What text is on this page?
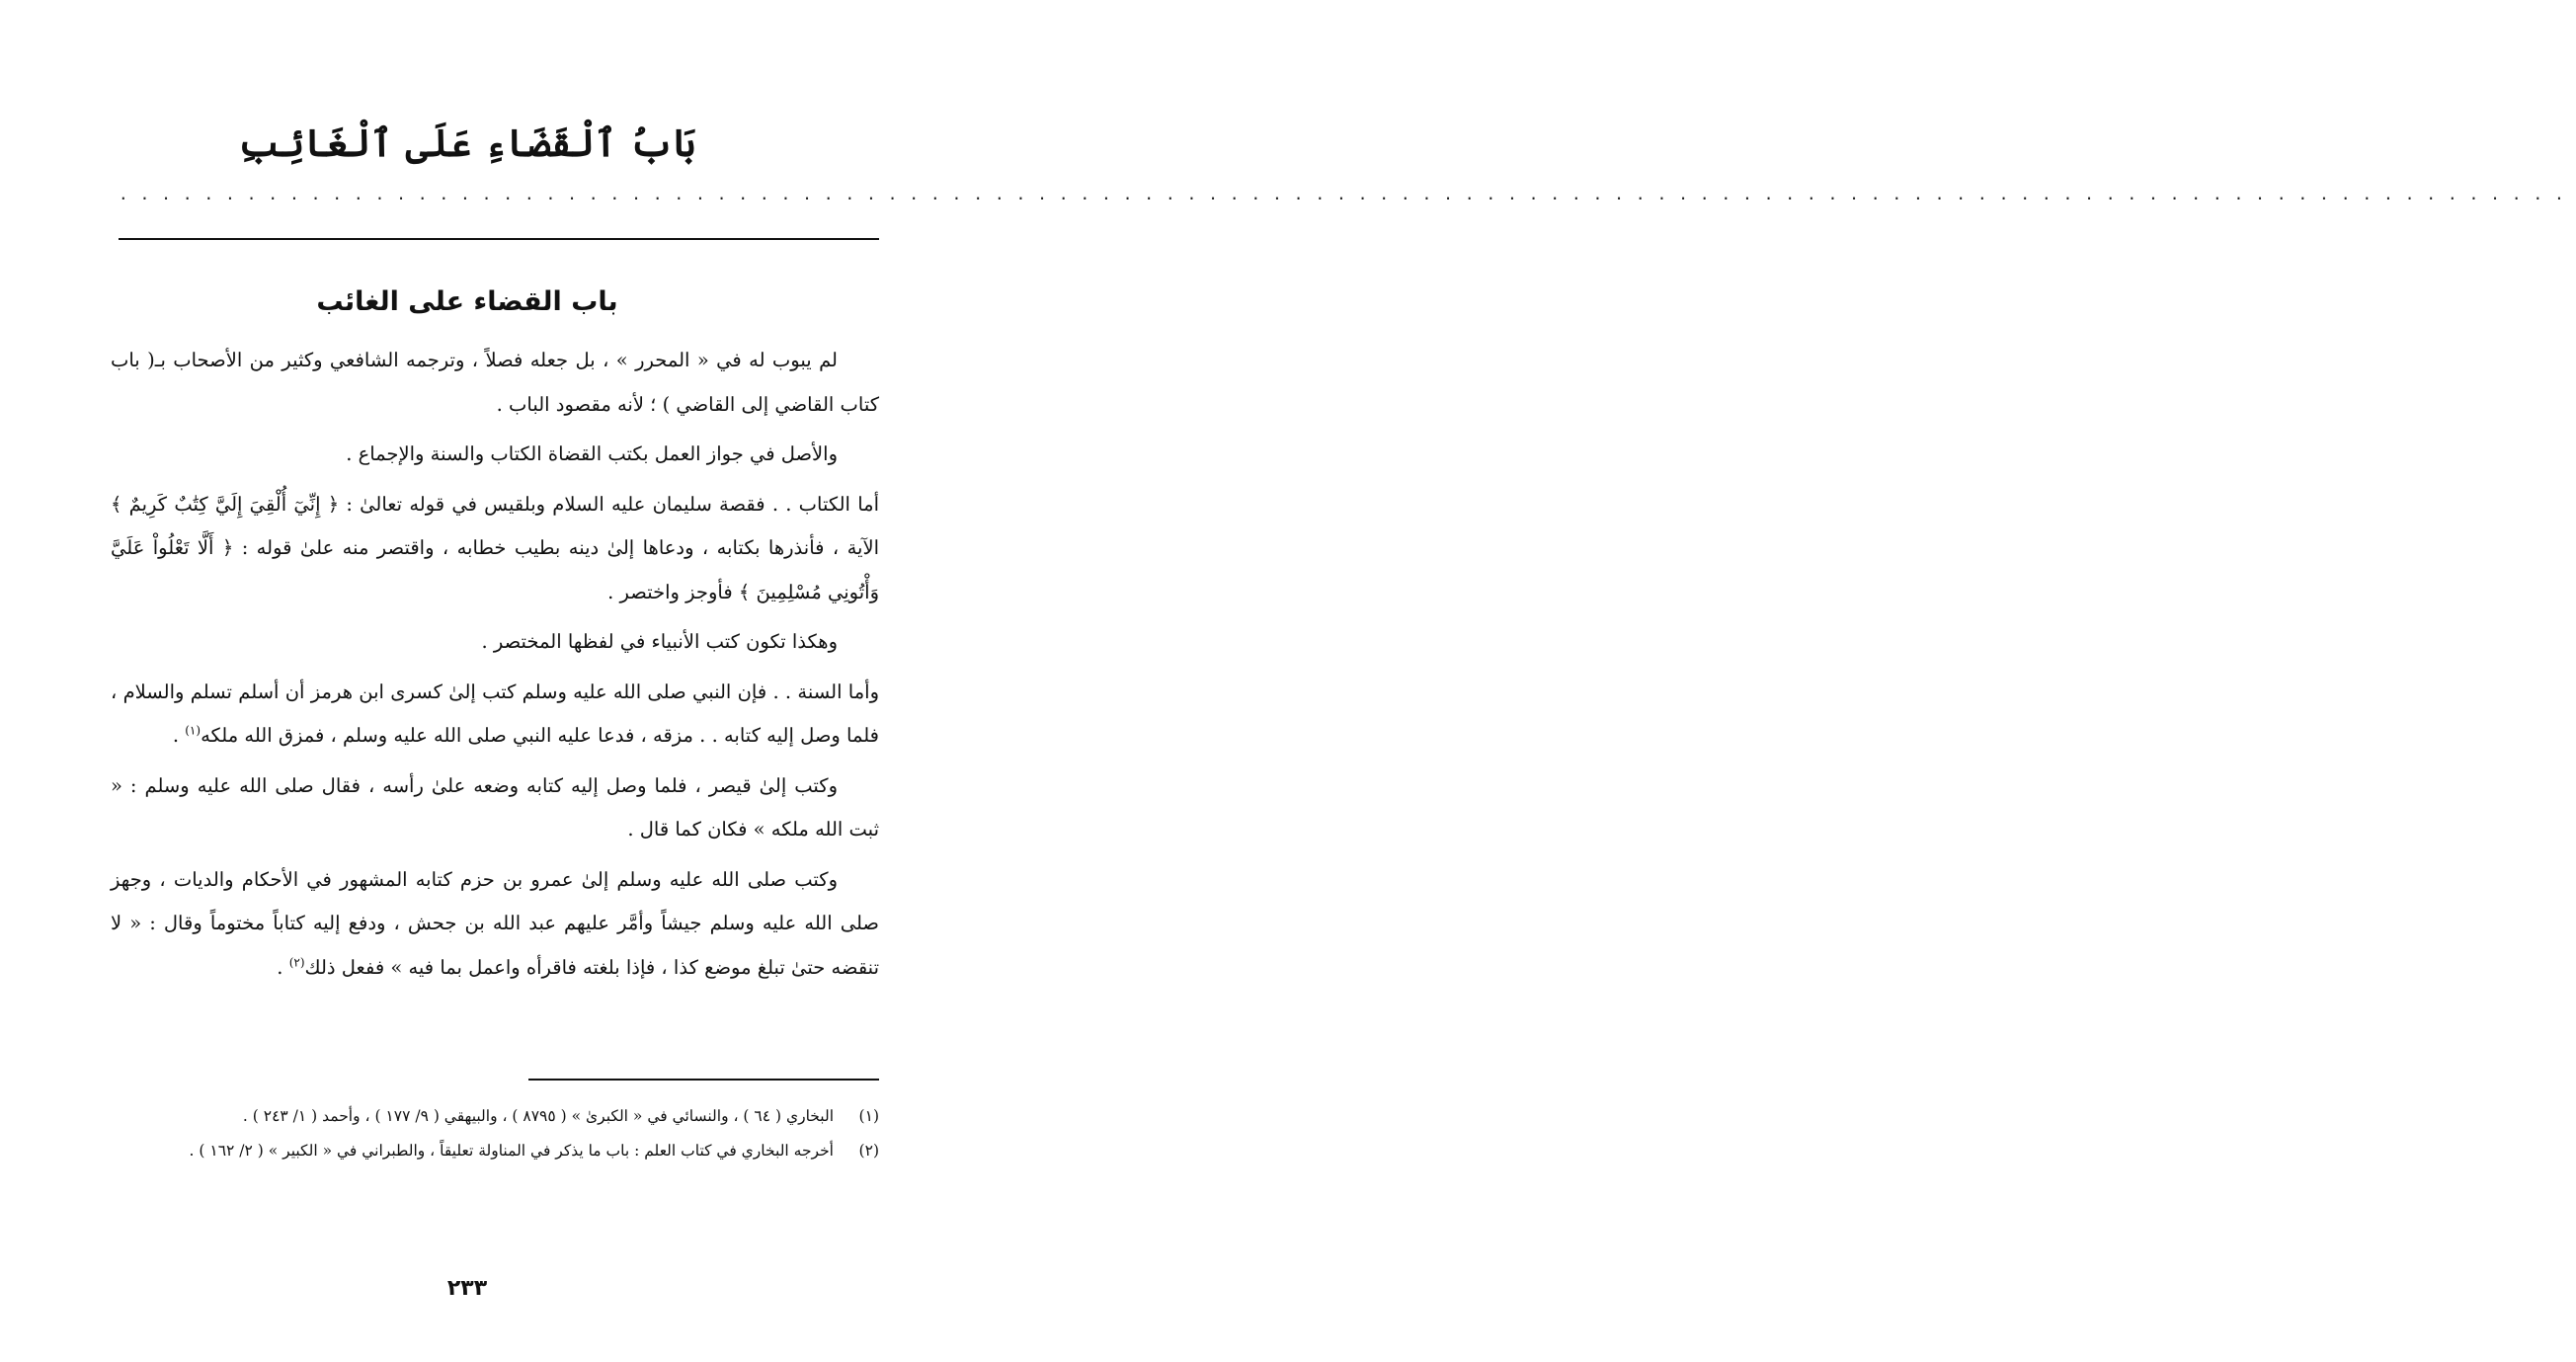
بَابُ ٱلْقَضَاءِ عَلَى ٱلْغَائِبِ
...................................................................................................................
باب القضاء على الغائب

لم يبوب له في « المحرر » ، بل جعله فصلاً ، وترجمه الشافعي وكثير من الأصحاب بـ( باب كتاب القاضي إلى القاضي ) ؛ لأنه مقصود الباب .

والأصل في جواز العمل بكتب القضاة الكتاب والسنة والإجماع .

أما الكتاب . . فقصة سليمان عليه السلام وبلقيس في قوله تعالىٰ : ﴿ إِنِّيٓ أُلْقِيَ إِلَيَّ كِتَٰبٌ كَرِيمٌ ﴾ الآية ، فأنذرها بكتابه ، ودعاها إلىٰ دينه بطيب خطابه ، واقتصر منه علىٰ قوله : ﴿ أَلَّا تَعْلُواْ عَلَيَّ وَأْتُونِي مُسْلِمِينَ ﴾ فأوجز واختصر .

وهكذا تكون كتب الأنبياء في لفظها المختصر .

وأما السنة . . فإن النبي صلى الله عليه وسلم كتب إلىٰ كسرى ابن هرمز أن أسلم تسلم والسلام ، فلما وصل إليه كتابه . . مزقه ، فدعا عليه النبي صلى الله عليه وسلم ، فمزق الله ملكه$^{(١)}$ .

وكتب إلىٰ قيصر ، فلما وصل إليه كتابه وضعه علىٰ رأسه ، فقال صلى الله عليه وسلم : « ثبت الله ملكه » فكان كما قال .

وكتب صلى الله عليه وسلم إلىٰ عمرو بن حزم كتابه المشهور في الأحكام والديات ، وجهز صلى الله عليه وسلم جيشاً وأمَّر عليهم عبد الله بن جحش ، ودفع إليه كتاباً مختوماً وقال : « لا تنقضه حتىٰ تبلغ موضع كذا ، فإذا بلغته فاقرأه واعمل بما فيه » ففعل ذلك$^{(٢)}$ .

(١)
البخاري ( ٦٤ ) ، والنسائي في « الكبرىٰ » ( ٨٧٩٥ ) ، والبيهقي ( ٩/ ١٧٧ ) ، وأحمد ( ١/ ٢٤٣ ) .
(٢)
أخرجه البخاري في كتاب العلم : باب ما يذكر في المناولة تعليقاً ، والطبراني في « الكبير » ( ٢/ ١٦٢ ) .
٢٣٣
